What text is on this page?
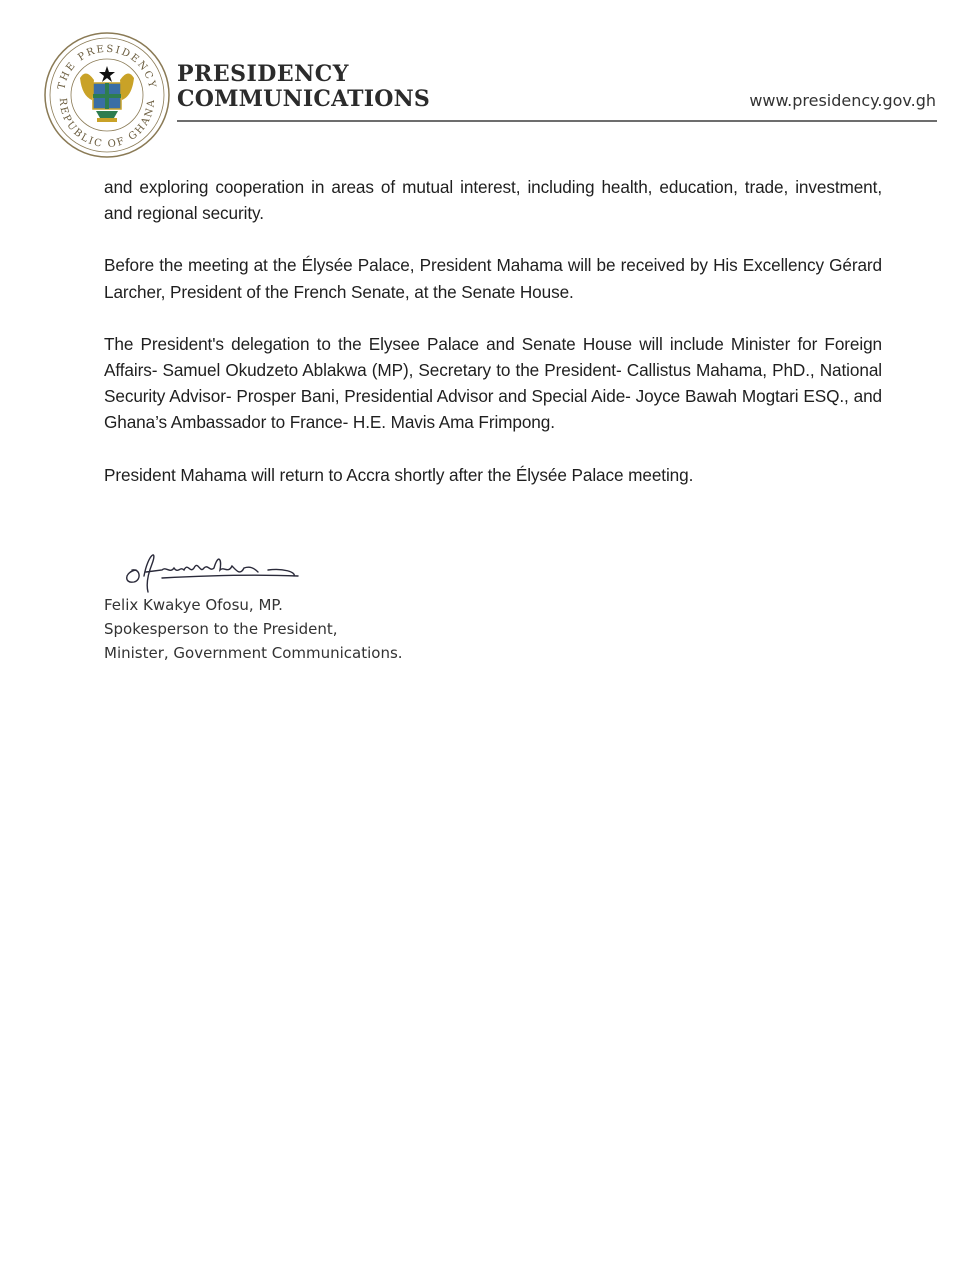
THE PRESIDENCY
REPUBLIC OF GHANA
PRESIDENCY
COMMUNICATIONS	www.presidency.gov.gh

and exploring cooperation in areas of mutual interest, including health, education, trade, investment, and regional security.

Before the meeting at the Élysée Palace, President Mahama will be received by His Excellency Gérard Larcher, President of the French Senate, at the Senate House.

The President's delegation to the Elysee Palace and Senate House will include Minister for Foreign Affairs- Samuel Okudzeto Ablakwa (MP), Secretary to the President- Callistus Mahama, PhD., National Security Advisor- Prosper Bani, Presidential Advisor and Special Aide- Joyce Bawah Mogtari ESQ., and Ghana’s Ambassador to France- H.E. Mavis Ama Frimpong.

President Mahama will return to Accra shortly after the Élysée Palace meeting.

Felix Kwakye Ofosu, MP.
Spokesperson to the President,
Minister, Government Communications.
